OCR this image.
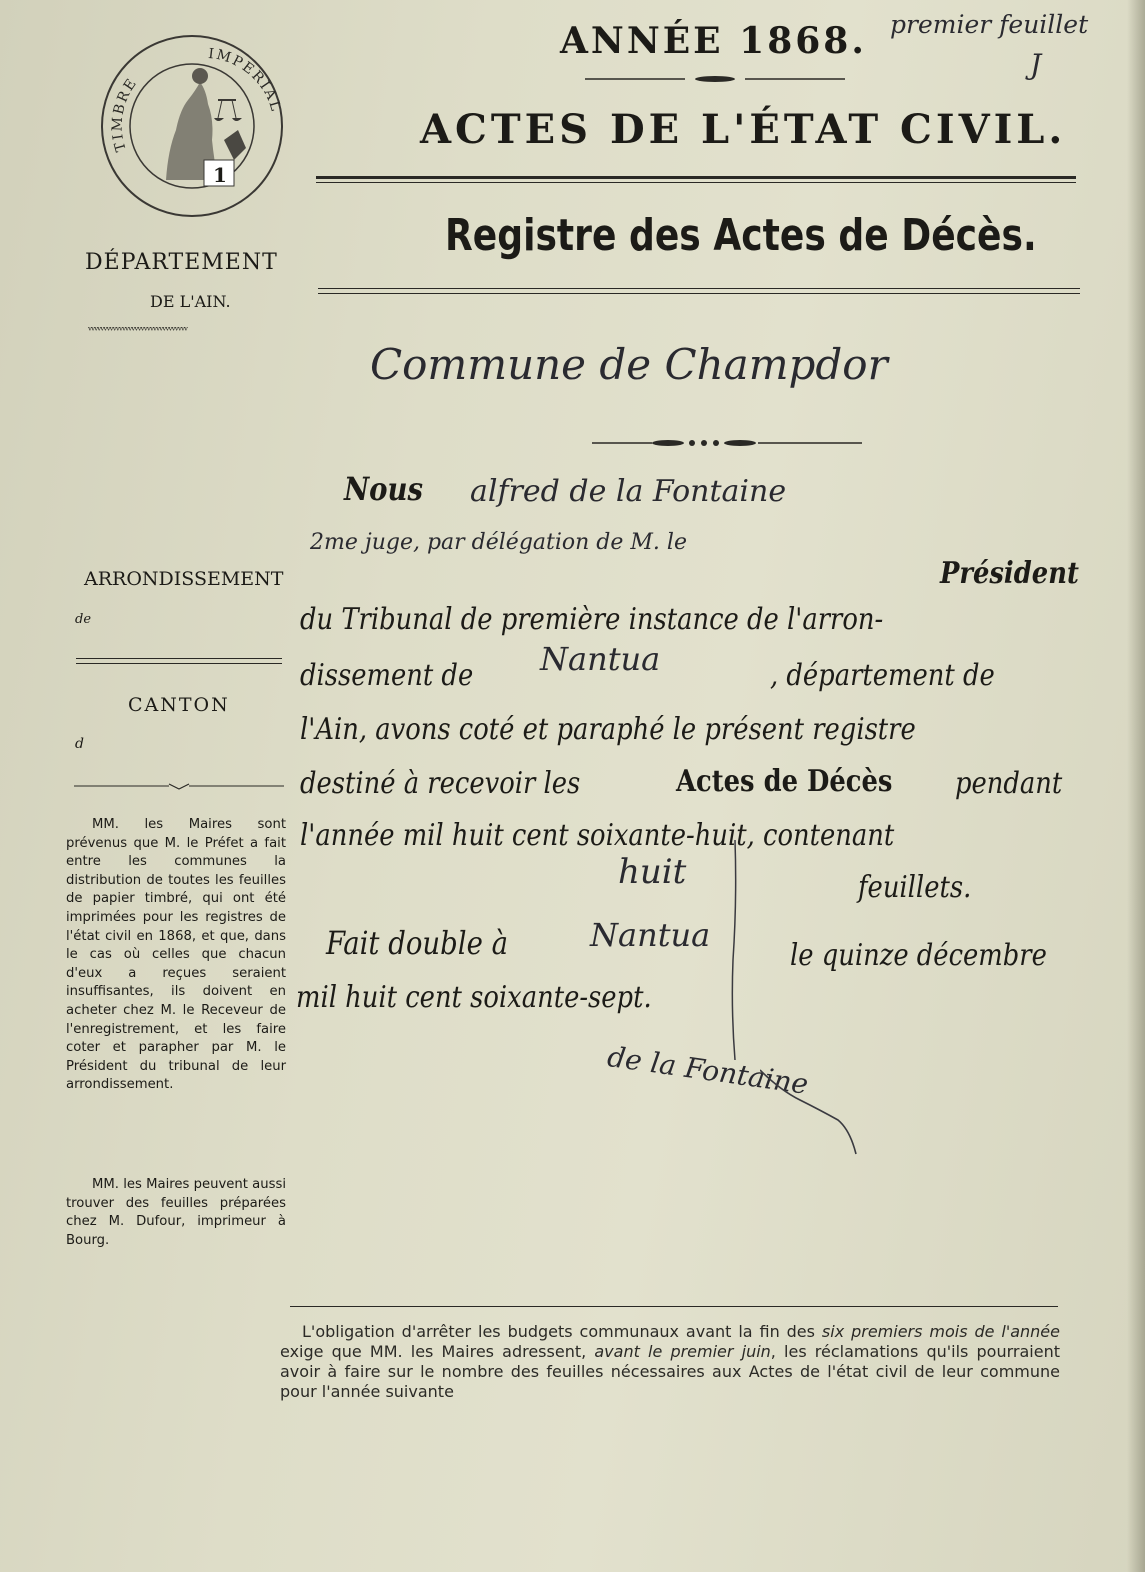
TIMBRE
IMPERIAL
1
ANNÉE 1868. premier feuillet
J
ACTES DE L'ÉTAT CIVIL.
Registre des Actes de Décès.
DÉPARTEMENT
DE L'AIN.
ᵛᵛᵛᵛᵛᵛᵛᵛᵛᵛᵛᵛᵛᵛᵛᵛᵛᵛᵛᵛᵛᵛᵛᵛᵛᵛᵛᵛᵛᵛᵛᵛ
ARRONDISSEMENT
de
CANTON
d
MM. les Maires sont prévenus que M. le Préfet a fait entre les communes la distribution de toutes les feuilles de papier timbré, qui ont été imprimées pour les registres de l'état civil en 1868, et que, dans le cas où celles que chacun d'eux a reçues seraient insuffisantes, ils doivent en acheter chez M. le Receveur de l'enregistrement, et les faire coter et parapher par M. le Président du tribunal de leur arrondissement.
MM. les Maires peuvent aussi trouver des feuilles préparées chez M. Dufour, imprimeur à Bourg.
Commune de Champdor
Nous alfred de la Fontaine
2me juge, par délégation de M. le
Président
du Tribunal de première instance de l'arron-
dissement de Nantua	, département de
l'Ain, avons coté et paraphé le présent registre
destiné à recevoir les	Actes de Décès pendant
l'année mil huit cent soixante-huit, contenant
huit	feuillets.
Fait double à	Nantua
le quinze décembre
mil huit cent soixante-sept.
de la Fontaine
L'obligation d'arrêter les budgets communaux avant la fin des six premiers mois de l'année exige que MM. les Maires adressent, avant le premier juin, les réclamations qu'ils pourraient avoir à faire sur le nombre des feuilles nécessaires aux Actes de l'état civil de leur commune pour l'année suivante
